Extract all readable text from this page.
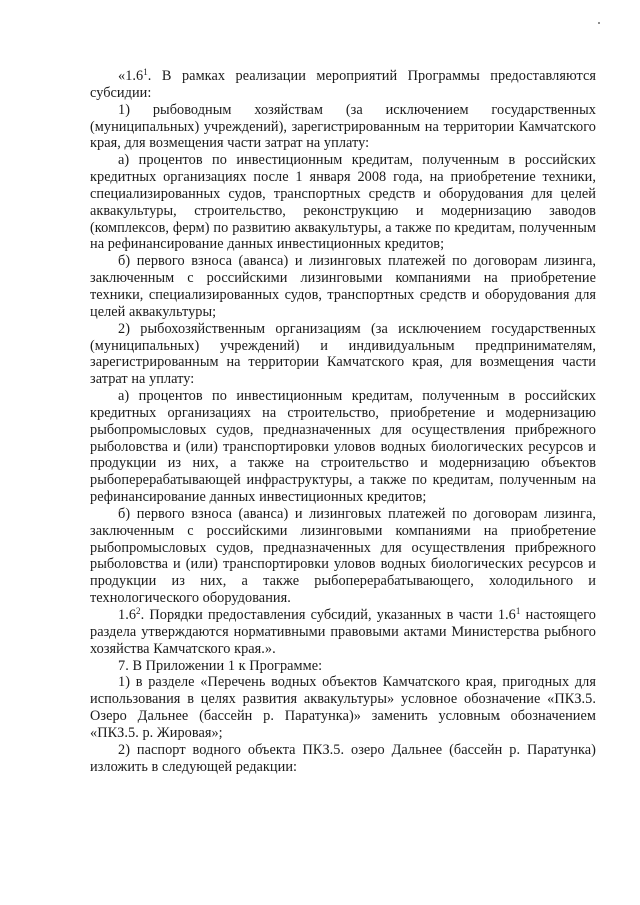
«$1.6^1$. В рамках реализации мероприятий Программы предоставляются субсидии:

1) рыбоводным хозяйствам (за исключением государственных (муниципальных) учреждений), зарегистрированным на территории Камчатского края, для возмещения части затрат на уплату:

а) процентов по инвестиционным кредитам, полученным в российских кредитных организациях после 1 января 2008 года, на приобретение техники, специализированных судов, транспортных средств и оборудования для целей аквакультуры, строительство, реконструкцию и модернизацию заводов (комплексов, ферм) по развитию аквакультуры, а также по кредитам, полученным на рефинансирование данных инвестиционных кредитов;

б) первого взноса (аванса) и лизинговых платежей по договорам лизинга, заключенным с российскими лизинговыми компаниями на приобретение техники, специализированных судов, транспортных средств и оборудования для целей аквакультуры;

2) рыбохозяйственным организациям (за исключением государственных (муниципальных) учреждений) и индивидуальным предпринимателям, зарегистрированным на территории Камчатского края, для возмещения части затрат на уплату:

а) процентов по инвестиционным кредитам, полученным в российских кредитных организациях на строительство, приобретение и модернизацию рыбопромысловых судов, предназначенных для осуществления прибрежного рыболовства и (или) транспортировки уловов водных биологических ресурсов и продукции из них, а также на строительство и модернизацию объектов рыбоперерабатывающей инфраструктуры, а также по кредитам, полученным на рефинансирование данных инвестиционных кредитов;

б) первого взноса (аванса) и лизинговых платежей по договорам лизинга, заключенным с российскими лизинговыми компаниями на приобретение рыбопромысловых судов, предназначенных для осуществления прибрежного рыболовства и (или) транспортировки уловов водных биологических ресурсов и продукции из них, а также рыбоперерабатывающего, холодильного и технологического оборудования.

$1.6^2$. Порядки предоставления субсидий, указанных в части $1.6^1$ настоящего раздела утверждаются нормативными правовыми актами Министерства рыбного хозяйства Камчатского края.».

7. В Приложении 1 к Программе:

1) в разделе «Перечень водных объектов Камчатского края, пригодных для использования в целях развития аквакультуры» условное обозначение «ПКЗ.5. Озеро Дальнее (бассейн р. Паратунка)» заменить условным обозначением «ПКЗ.5. р. Жировая»;

2) паспорт водного объекта ПКЗ.5. озеро Дальнее (бассейн р. Паратунка) изложить в следующей редакции:
